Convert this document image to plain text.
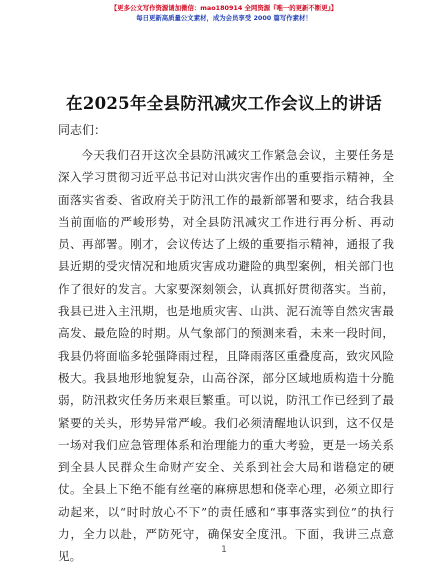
【更多公文写作资源请加微信：mao180914 全网资源『唯一的更新不断更』】
每日更新高质量公文素材，成为会员享受 2000 篇写作素材！
在2025年全县防汛减灾工作会议上的讲话
同志们：

今天我们召开这次全县防汛减灾工作紧急会议，主要任务是深入学习贯彻习近平总书记对山洪灾害作出的重要指示精神，全面落实省委、省政府关于防汛工作的最新部署和要求，结合我县当前面临的严峻形势，对全县防汛减灾工作进行再分析、再动员、再部署。刚才，会议传达了上级的重要指示精神，通报了我县近期的受灾情况和地质灾害成功避险的典型案例，相关部门也作了很好的发言。大家要深刻领会，认真抓好贯彻落实。当前，我县已进入主汛期，也是地质灾害、山洪、泥石流等自然灾害最高发、最危险的时期。从气象部门的预测来看，未来一段时间，我县仍将面临多轮强降雨过程，且降雨落区重叠度高，致灾风险极大。我县地形地貌复杂，山高谷深，部分区域地质构造十分脆弱，防汛救灾任务历来艰巨繁重。可以说，防汛工作已经到了最紧要的关头，形势异常严峻。我们必须清醒地认识到，这不仅是一场对我们应急管理体系和治理能力的重大考验，更是一场关系到全县人民群众生命财产安全、关系到社会大局和谐稳定的硬仗。全县上下绝不能有丝毫的麻痹思想和侥幸心理，必须立即行动起来，以“时时放心不下”的责任感和“事事落实到位”的执行力，全力以赴，严防死守，确保安全度汛。下面，我讲三点意见。	1
